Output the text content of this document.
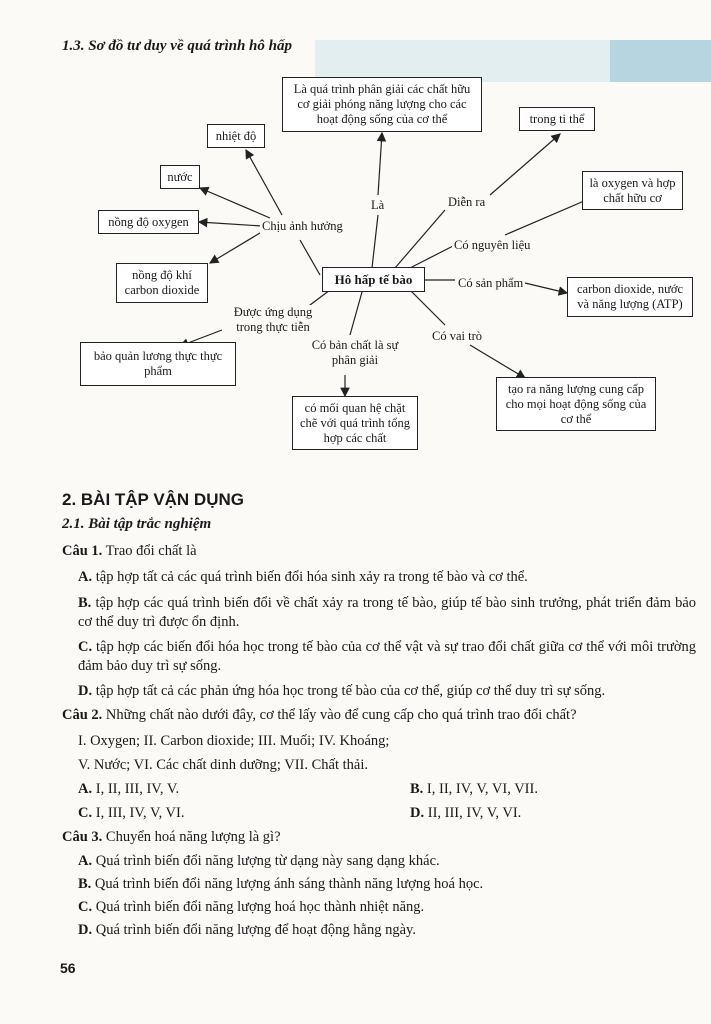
1.3. Sơ đồ tư duy về quá trình hô hấp
Là quá trình phân giải các chất hữu cơ giải phóng năng lượng cho các hoạt động sống của cơ thể	trong ti thể
là oxygen và hợp chất hữu cơ
carbon dioxide, nước và năng lượng (ATP)
tạo ra năng lượng cung cấp cho mọi hoạt động sống của cơ thể
có mối quan hệ chặt chẽ với quá trình tổng hợp các chất
bảo quản lương thực thực phẩm
nồng độ khí carbon dioxide
nồng độ oxygen
nước
nhiệt độ
Hô hấp tế bào
Là	Diễn ra
Có nguyên liệu
Có sản phẩm
Có vai trò
Có bản chất là sự phân giải
Được ứng dụng trong thực tiễn
Chịu ảnh hưởng
2. BÀI TẬP VẬN DỤNG
2.1. Bài tập trắc nghiệm
Câu 1. Trao đổi chất là
A. tập hợp tất cả các quá trình biến đổi hóa sinh xảy ra trong tế bào và cơ thể.
B. tập hợp các quá trình biến đổi về chất xảy ra trong tế bào, giúp tế bào sinh trưởng, phát triển đảm bảo cơ thể duy trì được ổn định.
C. tập hợp các biến đổi hóa học trong tế bào của cơ thể vật và sự trao đổi chất giữa cơ thể với môi trường đảm bảo duy trì sự sống.
D. tập hợp tất cả các phản ứng hóa học trong tế bào của cơ thể, giúp cơ thể duy trì sự sống.
Câu 2. Những chất nào dưới đây, cơ thể lấy vào để cung cấp cho quá trình trao đổi chất?
I. Oxygen; II. Carbon dioxide; III. Muối; IV. Khoáng;
V. Nước; VI. Các chất dinh dưỡng; VII. Chất thải.
A. I, II, III, IV, V.	B. I, II, IV, V, VI, VII.
C. I, III, IV, V, VI.	D. II, III, IV, V, VI.
Câu 3. Chuyển hoá năng lượng là gì?
A. Quá trình biến đổi năng lượng từ dạng này sang dạng khác.
B. Quá trình biến đổi năng lượng ánh sáng thành năng lượng hoá học.
C. Quá trình biến đổi năng lượng hoá học thành nhiệt năng.
D. Quá trình biến đổi năng lượng để hoạt động hằng ngày.
56
